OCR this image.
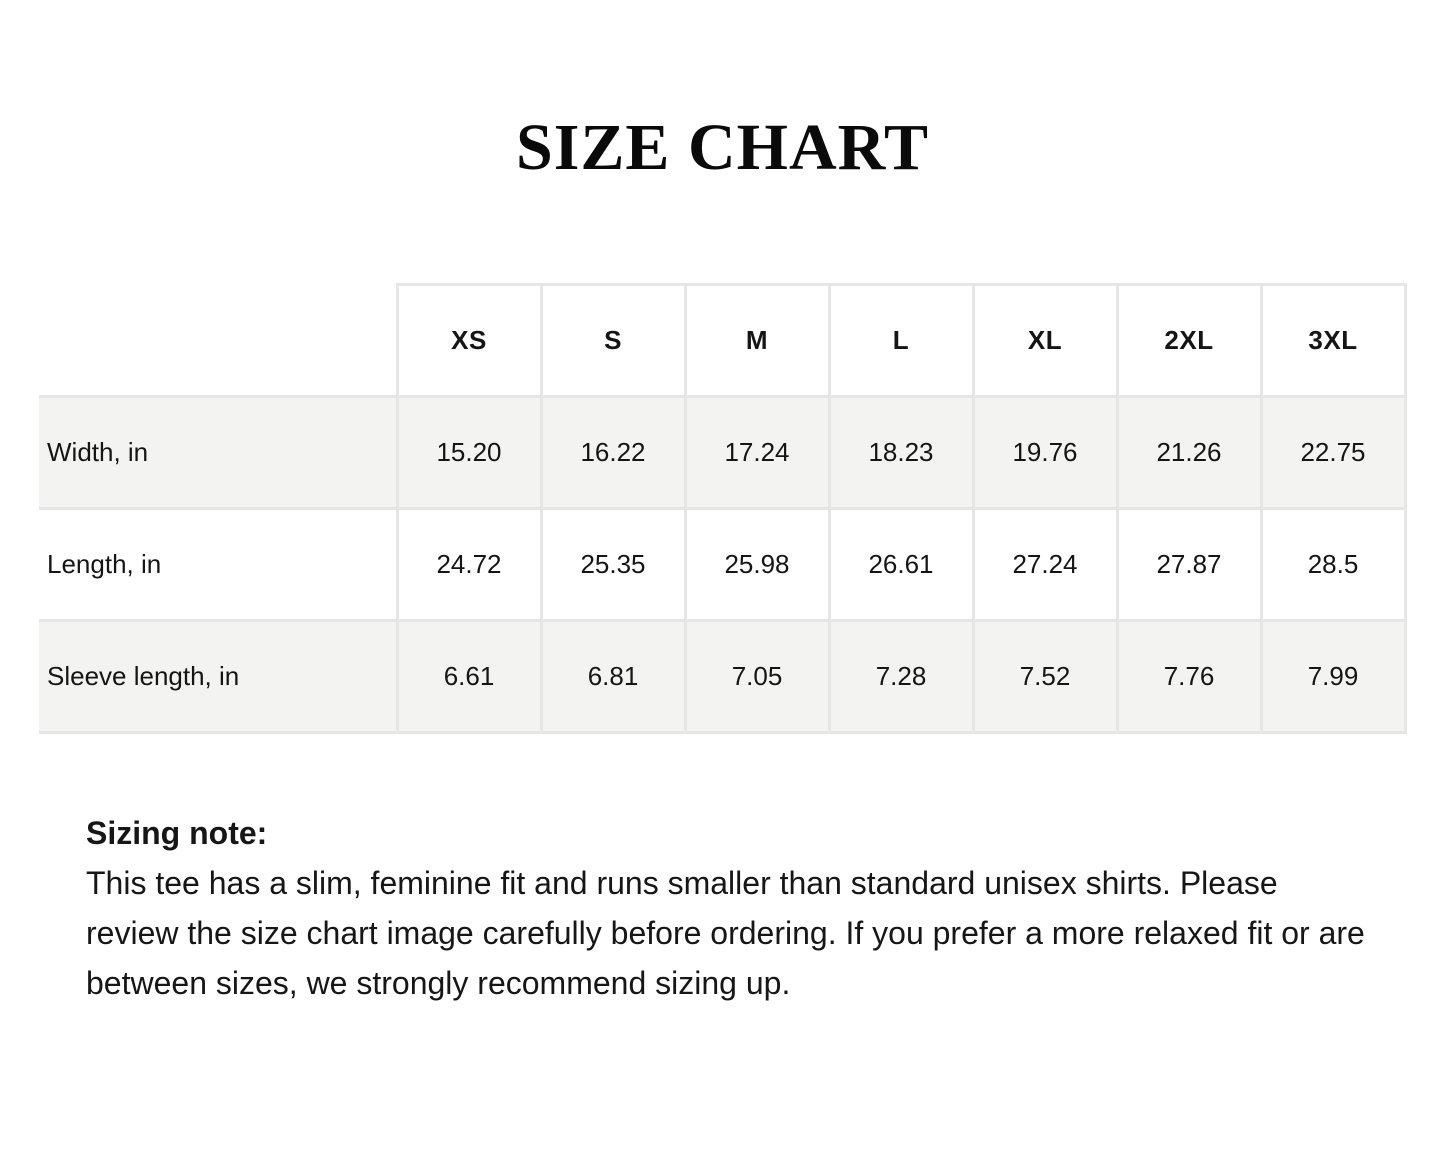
SIZE CHART
	XS	S	M	L	XL	2XL	3XL
Width, in	15.20	16.22	17.24	18.23	19.76	21.26	22.75
Length, in	24.72	25.35	25.98	26.61	27.24	27.87	28.5
Sleeve length, in	6.61	6.81	7.05	7.28	7.52	7.76	7.99
Sizing note:
This tee has a slim, feminine fit and runs smaller than standard unisex shirts. Please review the size chart image carefully before ordering. If you prefer a more relaxed fit or are between sizes, we strongly recommend sizing up.
